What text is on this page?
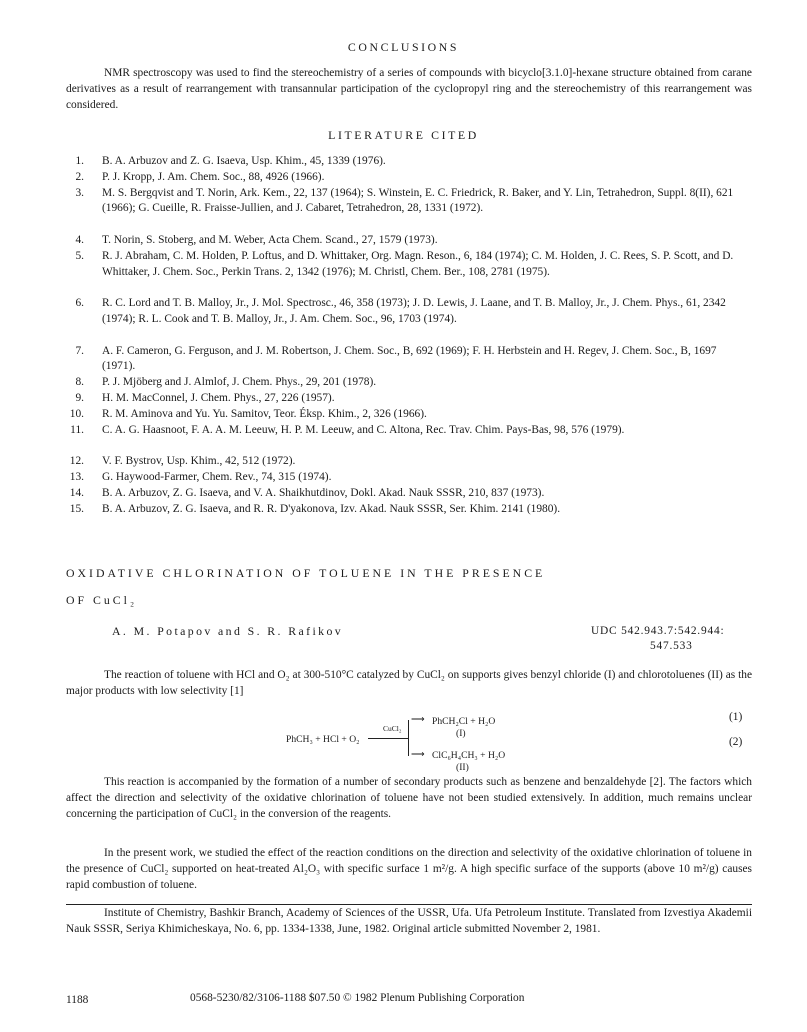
CONCLUSIONS

NMR spectroscopy was used to find the stereochemistry of a series of compounds with bicyclo[3.1.0]-hexane structure obtained from carane derivatives as a result of rearrangement with transannular participation of the cyclopropyl ring and the stereochemistry of this rearrangement was considered.

LITERATURE CITED
1. B. A. Arbuzov and Z. G. Isaeva, Usp. Khim., 45, 1339 (1976).
2. P. J. Kropp, J. Am. Chem. Soc., 88, 4926 (1966).
3. M. S. Bergqvist and T. Norin, Ark. Kem., 22, 137 (1964); S. Winstein, E. C. Friedrick, R. Baker, and Y. Lin, Tetrahedron, Suppl. 8(II), 621 (1966); G. Cueille, R. Fraisse-Jullien, and J. Cabaret, Tetrahedron, 28, 1331 (1972).
4. T. Norin, S. Stoberg, and M. Weber, Acta Chem. Scand., 27, 1579 (1973).
5. R. J. Abraham, C. M. Holden, P. Loftus, and D. Whittaker, Org. Magn. Reson., 6, 184 (1974); C. M. Holden, J. C. Rees, S. P. Scott, and D. Whittaker, J. Chem. Soc., Perkin Trans. 2, 1342 (1976); M. Christl, Chem. Ber., 108, 2781 (1975).
6. R. C. Lord and T. B. Malloy, Jr., J. Mol. Spectrosc., 46, 358 (1973); J. D. Lewis, J. Laane, and T. B. Malloy, Jr., J. Chem. Phys., 61, 2342 (1974); R. L. Cook and T. B. Malloy, Jr., J. Am. Chem. Soc., 96, 1703 (1974).
7. A. F. Cameron, G. Ferguson, and J. M. Robertson, J. Chem. Soc., B, 692 (1969); F. H. Herbstein and H. Regev, J. Chem. Soc., B, 1697 (1971).
8. P. J. Mjöberg and J. Almlof, J. Chem. Phys., 29, 201 (1978).
9. H. M. MacConnel, J. Chem. Phys., 27, 226 (1957).
10. R. M. Aminova and Yu. Yu. Samitov, Teor. Éksp. Khim., 2, 326 (1966).
11. C. A. G. Haasnoot, F. A. A. M. Leeuw, H. P. M. Leeuw, and C. Altona, Rec. Trav. Chim. Pays-Bas, 98, 576 (1979).
12. V. F. Bystrov, Usp. Khim., 42, 512 (1972).
13. G. Haywood-Farmer, Chem. Rev., 74, 315 (1974).
14. B. A. Arbuzov, Z. G. Isaeva, and V. A. Shaikhutdinov, Dokl. Akad. Nauk SSSR, 210, 837 (1973).
15. B. A. Arbuzov, Z. G. Isaeva, and R. R. D'yakonova, Izv. Akad. Nauk SSSR, Ser. Khim. 2141 (1980).
OXIDATIVE CHLORINATION OF TOLUENE IN THE PRESENCE
OF CuCl₂
A. M. Potapov and S. R. Rafikov	UDC 542.943.7:542.944:
547.533

The reaction of toluene with HCl and O₂ at 300-510°C catalyzed by CuCl₂ on supports gives benzyl chloride (I) and chlorotoluenes (II) as the major products with low selectivity [1]

PhCH₃ + HCl + O₂
CuCl₂
⟶
⟶
PhCH₂Cl + H₂O
(I)
ClC₆H₄CH₃ + H₂O
(II)
(1)
(2)

This reaction is accompanied by the formation of a number of secondary products such as benzene and benzaldehyde [2]. The factors which affect the direction and selectivity of the oxidative chlorination of toluene have not been studied extensively. In addition, much remains unclear concerning the participation of CuCl₂ in the conversion of the reagents.

In the present work, we studied the effect of the reaction conditions on the direction and selectivity of the oxidative chlorination of toluene in the presence of CuCl₂ supported on heat-treated Al₂O₃ with specific surface 1 m²/g. A high specific surface of the supports (above 10 m²/g) causes rapid combustion of toluene.

Institute of Chemistry, Bashkir Branch, Academy of Sciences of the USSR, Ufa. Ufa Petroleum Institute. Translated from Izvestiya Akademii Nauk SSSR, Seriya Khimicheskaya, No. 6, pp. 1334-1338, June, 1982. Original article submitted November 2, 1981.

1188	0568-5230/82/3106-1188 $07.50 © 1982 Plenum Publishing Corporation
